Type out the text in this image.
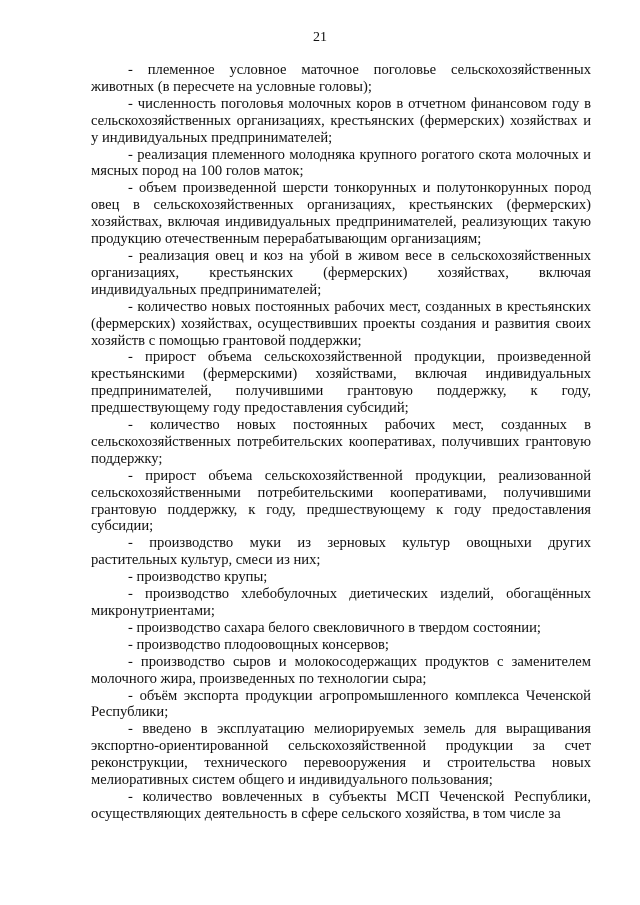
21

- племенное условное маточное поголовье сельскохозяйственных животных (в пересчете на условные головы);

- численность поголовья молочных коров в отчетном финансовом году в сельскохозяйственных организациях, крестьянских (фермерских) хозяйствах и у индивидуальных предпринимателей;

- реализация племенного молодняка крупного рогатого скота молочных и мясных пород на 100 голов маток;

- объем произведенной шерсти тонкорунных и полутонкорунных пород овец в сельскохозяйственных организациях, крестьянских (фермерских) хозяйствах, включая индивидуальных предпринимателей, реализующих такую продукцию отечественным перерабатывающим организациям;

- реализация овец и коз на убой в живом весе в сельскохозяйственных организациях, крестьянских (фермерских) хозяйствах, включая индивидуальных предпринимателей;

- количество новых постоянных рабочих мест, созданных в крестьянских (фермерских) хозяйствах, осуществивших проекты создания и развития своих хозяйств с помощью грантовой поддержки;

- прирост объема сельскохозяйственной продукции, произведенной крестьянскими (фермерскими) хозяйствами, включая индивидуальных предпринимателей, получившими грантовую поддержку, к году, предшествующему году предоставления субсидий;

- количество новых постоянных рабочих мест, созданных в сельскохозяйственных потребительских кооперативах, получивших грантовую поддержку;

- прирост объема сельскохозяйственной продукции, реализованной сельскохозяйственными потребительскими кооперативами, получившими грантовую поддержку, к году, предшествующему к году предоставления субсидии;

- производство муки из зерновых культур овощныхи других растительных культур, смеси из них;

- производство крупы;

- производство хлебобулочных диетических изделий, обогащённых микронутриентами;

- производство сахара белого свекловичного в твердом состоянии;

- производство плодоовощных консервов;

- производство сыров и молокосодержащих продуктов с заменителем молочного жира, произведенных по технологии сыра;

- объём экспорта продукции агропромышленного комплекса Чеченской Республики;

- введено в эксплуатацию мелиорируемых земель для выращивания экспортно-ориентированной сельскохозяйственной продукции за счет реконструкции, технического перевооружения и строительства новых мелиоративных систем общего и индивидуального пользования;

- количество вовлеченных в субъекты МСП Чеченской Республики, осуществляющих деятельность в сфере сельского хозяйства, в том числе за
